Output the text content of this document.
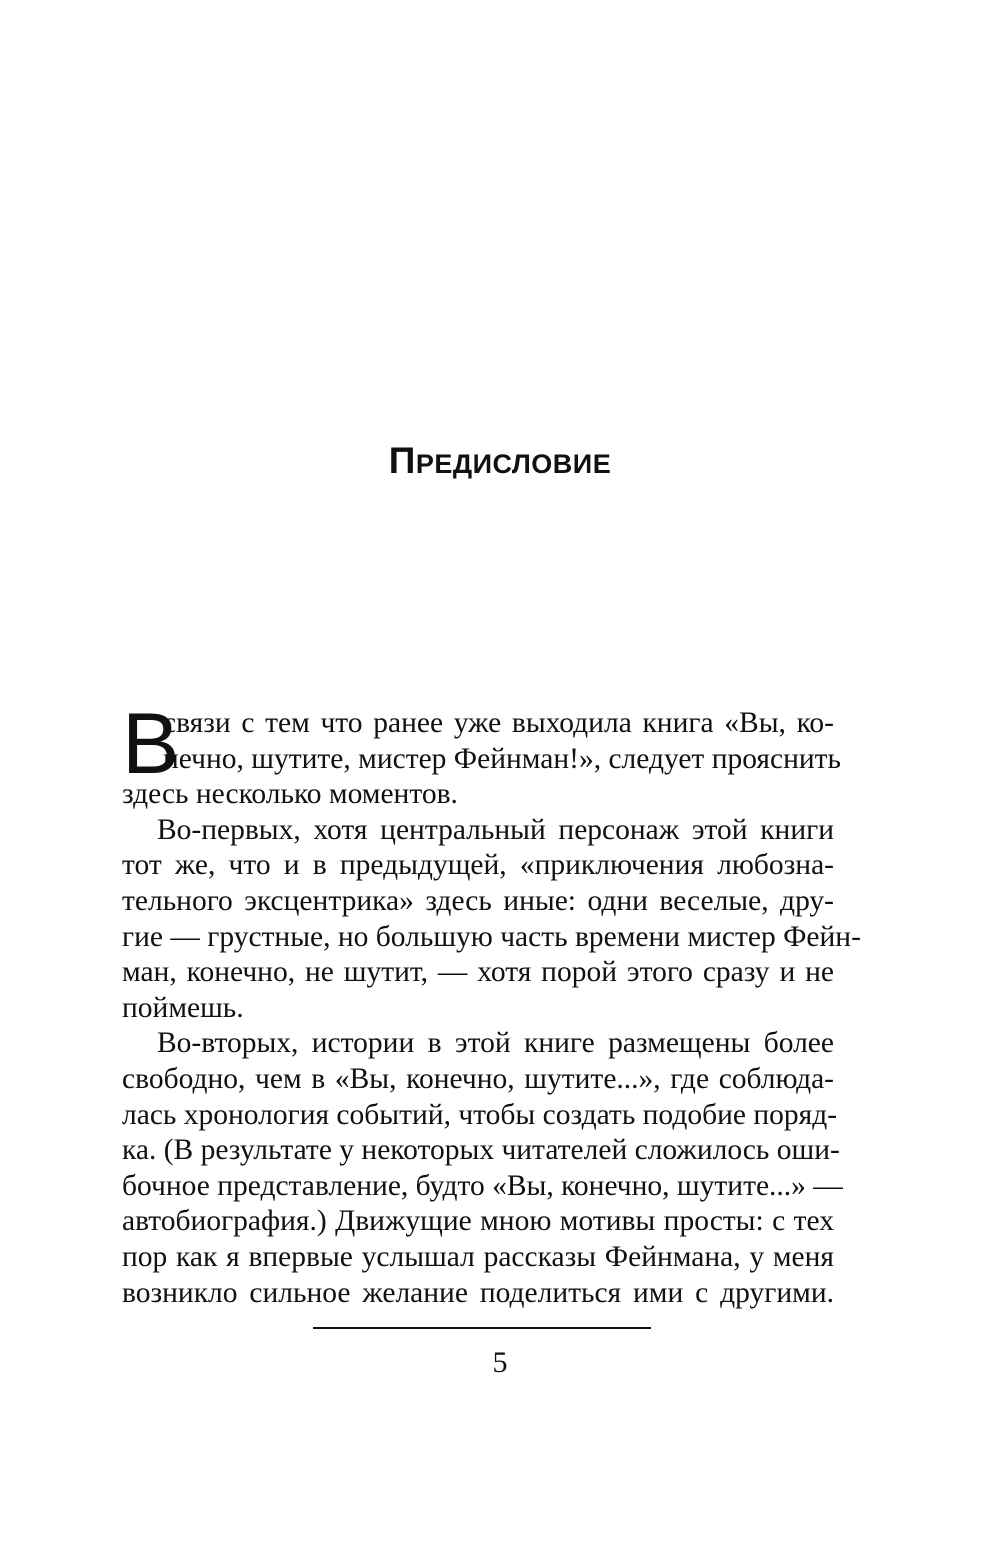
ПРЕДИСЛОВИЕ
В
связи с тем что ранее уже выходила книга «Вы, ко-
нечно, шутите, мистер Фейнман!», следует прояснить
здесь несколько моментов.
Во-первых, хотя центральный персонаж этой книги
тот же, что и в предыдущей, «приключения любозна-
тельного эксцентрика» здесь иные: одни веселые, дру-
гие — грустные, но большую часть времени мистер Фейн-
ман, конечно, не шутит, — хотя порой этого сразу и не
поймешь.
Во-вторых, истории в этой книге размещены более
свободно, чем в «Вы, конечно, шутите...», где соблюда-
лась хронология событий, чтобы создать подобие поряд-
ка. (В результате у некоторых читателей сложилось оши-
бочное представление, будто «Вы, конечно, шутите...» —
автобиография.) Движущие мною мотивы просты: с тех
пор как я впервые услышал рассказы Фейнмана, у меня
возникло сильное желание поделиться ими с другими.
5
